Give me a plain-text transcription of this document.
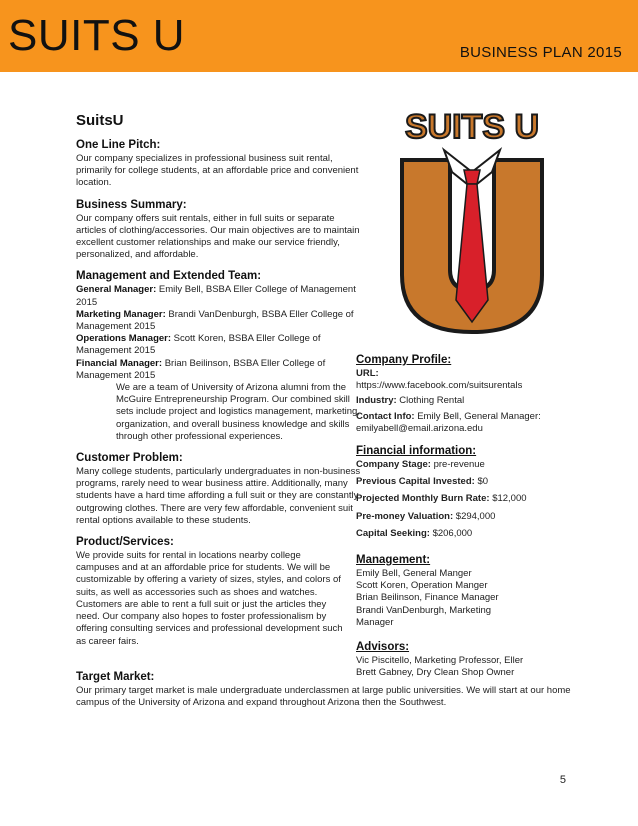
SUITS U	BUSINESS PLAN 2015
SuitsU
One Line Pitch:
Our company specializes in professional business suit rental, primarily for college students, at an affordable price and convenient location.
Business Summary:
Our company offers suit rentals, either in full suits or separate articles of clothing/accessories. Our main objectives are to maintain excellent customer relationships and make our service friendly, personalized, and affordable.
Management and Extended Team:
General Manager: Emily Bell, BSBA Eller College of Management 2015
Marketing Manager: Brandi VanDenburgh, BSBA Eller College of Management 2015
Operations Manager: Scott Koren, BSBA Eller College of Management 2015
Financial Manager: Brian Beilinson, BSBA Eller College of Management 2015
We are a team of University of Arizona alumni from the McGuire Entrepreneurship Program. Our combined skill sets include project and logistics management, marketing, organization, and overall business knowledge and skills through other professional experiences.
Customer Problem:
Many college students, particularly undergraduates in non-business programs, rarely need to wear business attire. Additionally, many students have a hard time affording a full suit or they are constantly outgrowing clothes. There are very few affordable, convenient suit rental options available to these students.
Product/Services:
We provide suits for rental in locations nearby college campuses and at an affordable price for students. We will be customizable by offering a variety of sizes, styles, and colors of suits, as well as accessories such as shoes and watches. Customers are able to rent a full suit or just the articles they need. Our company also hopes to foster professionalism by offering consulting services and professional development such as career fairs.
SUITS U
Company Profile:
URL:
https://www.facebook.com/suitsurentals
Industry: Clothing Rental
Contact Info: Emily Bell, General Manager: emilyabell@email.arizona.edu
Financial information:
Company Stage: pre-revenue
Previous Capital Invested: $0
Projected Monthly Burn Rate: $12,000
Pre-money Valuation: $294,000
Capital Seeking: $206,000
Management:
Emily Bell, General Manger
Scott Koren, Operation Manger
Brian Beilinson, Finance Manager
Brandi VanDenburgh, Marketing Manager
Advisors:
Vic Piscitello, Marketing Professor, Eller
Brett Gabney, Dry Clean Shop Owner
Target Market:
Our primary target market is male undergraduate underclassmen at large public universities. We will start at our home campus of the University of Arizona and expand throughout Arizona then the Southwest.
5
